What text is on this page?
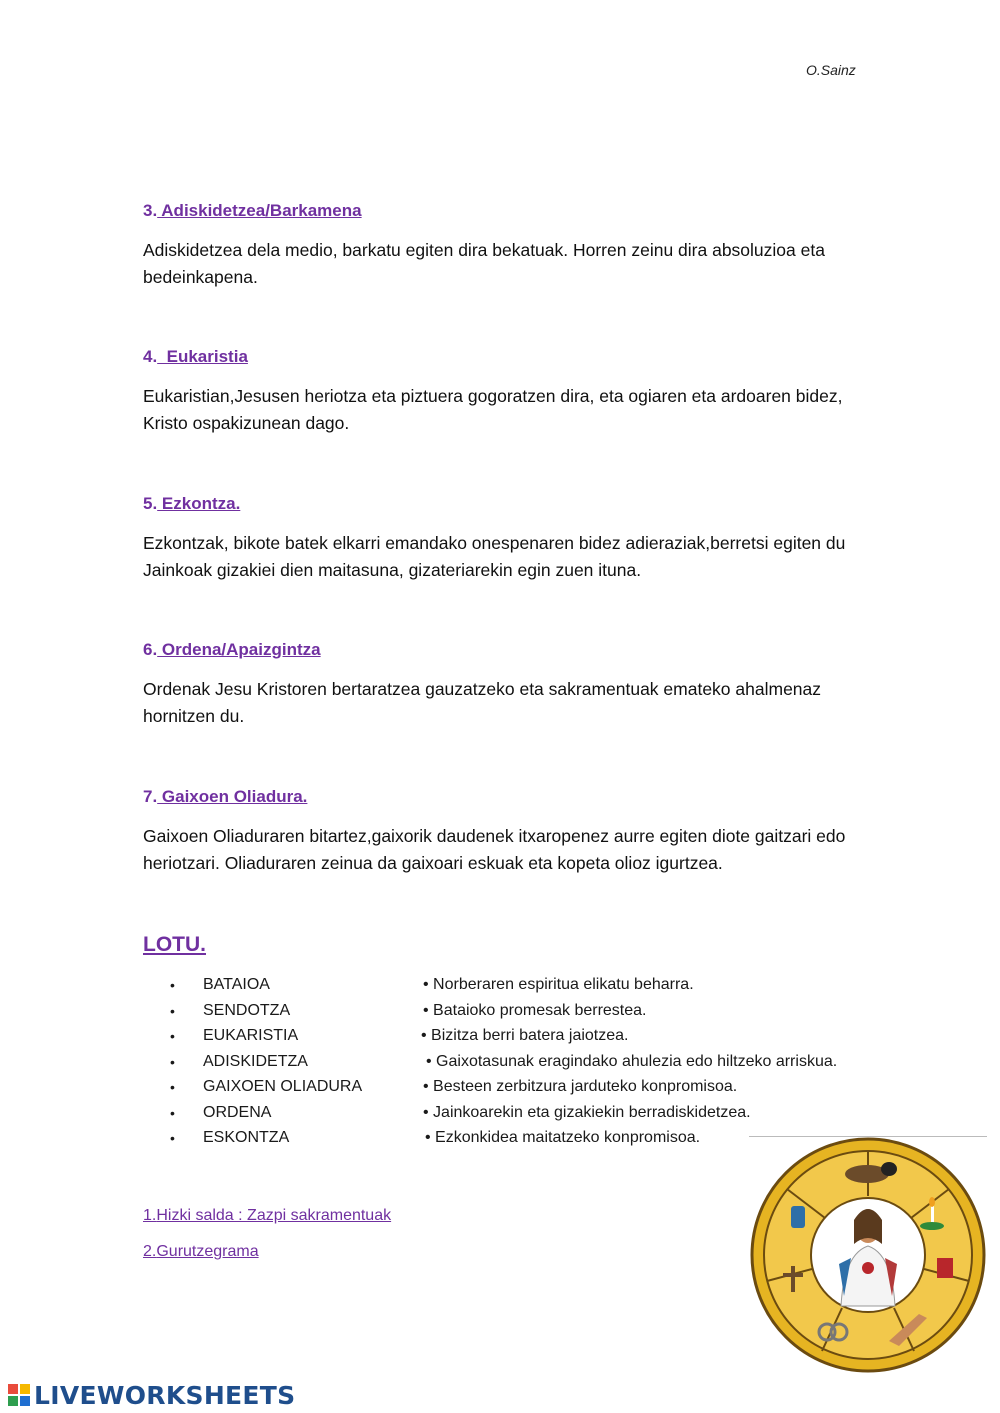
O.Sainz

3. Adiskidetzea/Barkamena

Adiskidetzea dela medio, barkatu egiten dira bekatuak. Horren zeinu dira absoluzioa eta bedeinkapena.

4.  Eukaristia

Eukaristian,Jesusen heriotza eta piztuera gogoratzen dira, eta ogiaren eta ardoaren bidez, Kristo ospakizunean dago.

5. Ezkontza.

Ezkontzak, bikote batek elkarri emandako onespenaren bidez adieraziak,berretsi egiten du Jainkoak gizakiei dien maitasuna, gizateriarekin egin zuen ituna.

6. Ordena/Apaizgintza

Ordenak Jesu Kristoren bertaratzea gauzatzeko eta sakramentuak emateko ahalmenaz hornitzen du.

7. Gaixoen Oliadura.

Gaixoen Oliaduraren bitartez,gaixorik daudenek itxaropenez aurre egiten diote gaitzari edo heriotzari. Oliaduraren zeinua da gaixoari eskuak eta kopeta olioz igurtzea.

LOTU.
• BATAIOA	• Norberaren espiritua elikatu beharra.
• SENDOTZA	• Bataioko promesak berrestea.
• EUKARISTIA	• Bizitza berri batera jaiotzea.
• ADISKIDETZA	• Gaixotasunak eragindako ahulezia edo hiltzeko arriskua.
• GAIXOEN OLIADURA	• Besteen zerbitzura jarduteko konpromisoa.
• ORDENA	• Jainkoarekin eta gizakiekin berradiskidetzea.
• ESKONTZA	• Ezkonkidea maitatzeko konpromisoa.
1.Hizki salda : Zazpi sakramentuak
2.Gurutzegrama
LIVEWORKSHEETS
